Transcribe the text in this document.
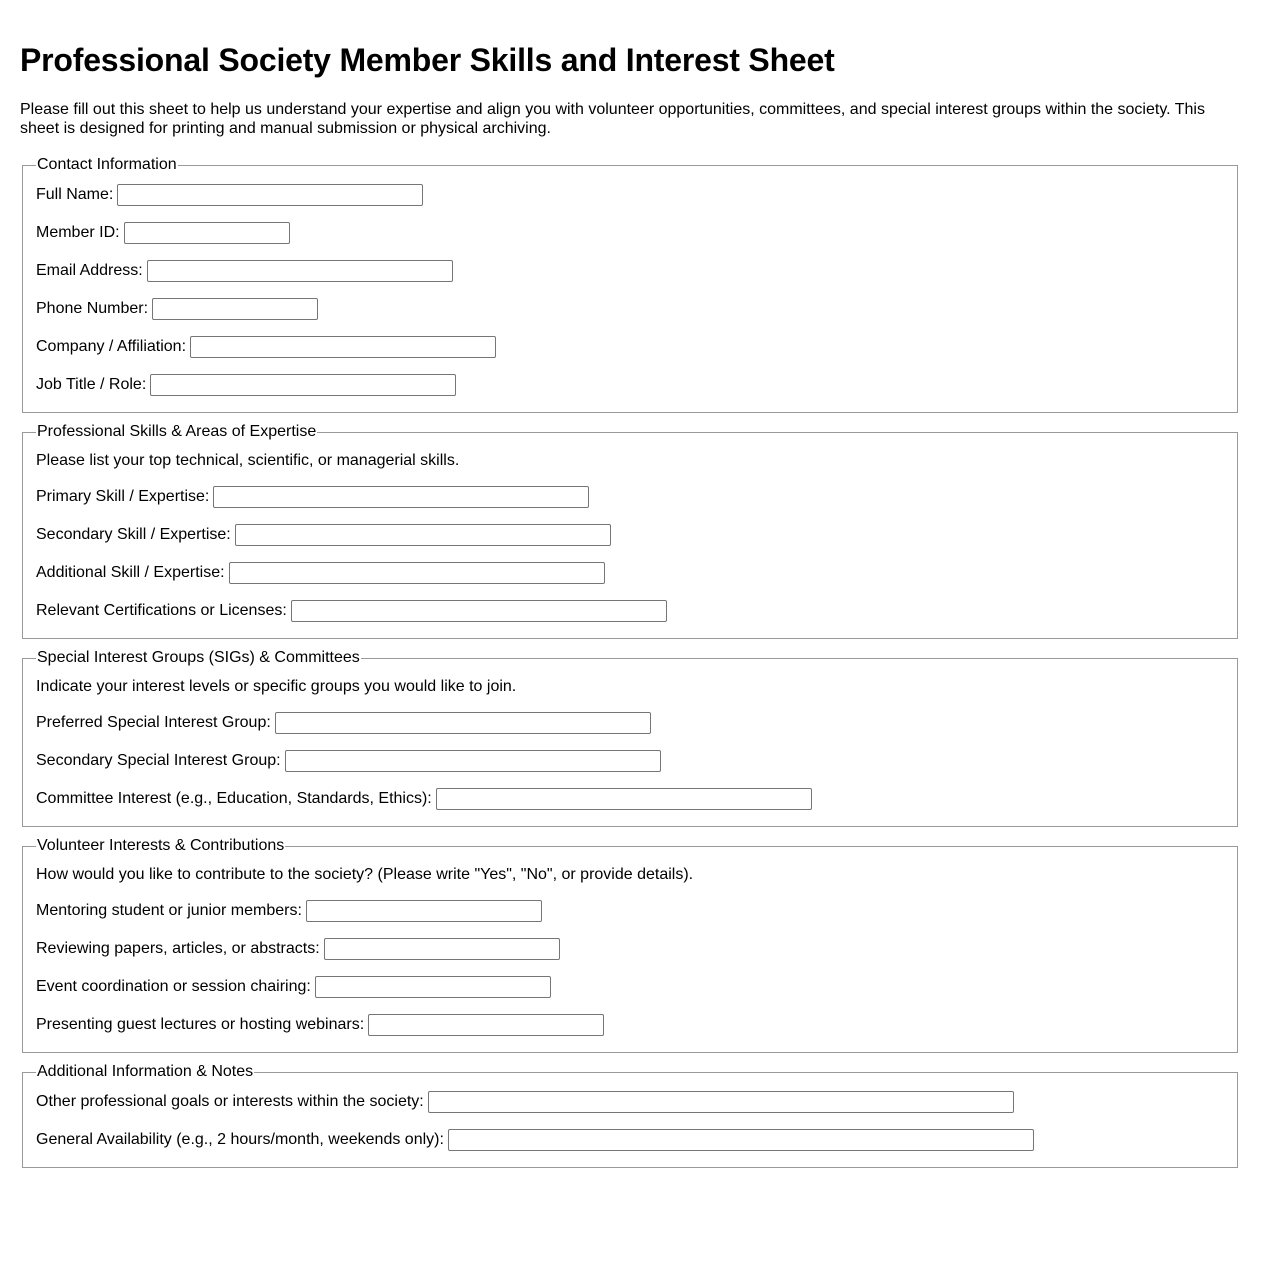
Professional Society Member Skills and Interest Sheet

Please fill out this sheet to help us understand your expertise and align you with volunteer opportunities, committees, and special interest groups within the society. This sheet is designed for printing and manual submission or physical archiving.

Contact Information
Full Name:
Member ID:
Email Address:
Phone Number:
Company / Affiliation:
Job Title / Role:
Professional Skills & Areas of Expertise
Please list your top technical, scientific, or managerial skills.
Primary Skill / Expertise:
Secondary Skill / Expertise:
Additional Skill / Expertise:
Relevant Certifications or Licenses:
Special Interest Groups (SIGs) & Committees
Indicate your interest levels or specific groups you would like to join.
Preferred Special Interest Group:
Secondary Special Interest Group:
Committee Interest (e.g., Education, Standards, Ethics):
Volunteer Interests & Contributions
How would you like to contribute to the society? (Please write "Yes", "No", or provide details).
Mentoring student or junior members:
Reviewing papers, articles, or abstracts:
Event coordination or session chairing:
Presenting guest lectures or hosting webinars:
Additional Information & Notes
Other professional goals or interests within the society:
General Availability (e.g., 2 hours/month, weekends only):
